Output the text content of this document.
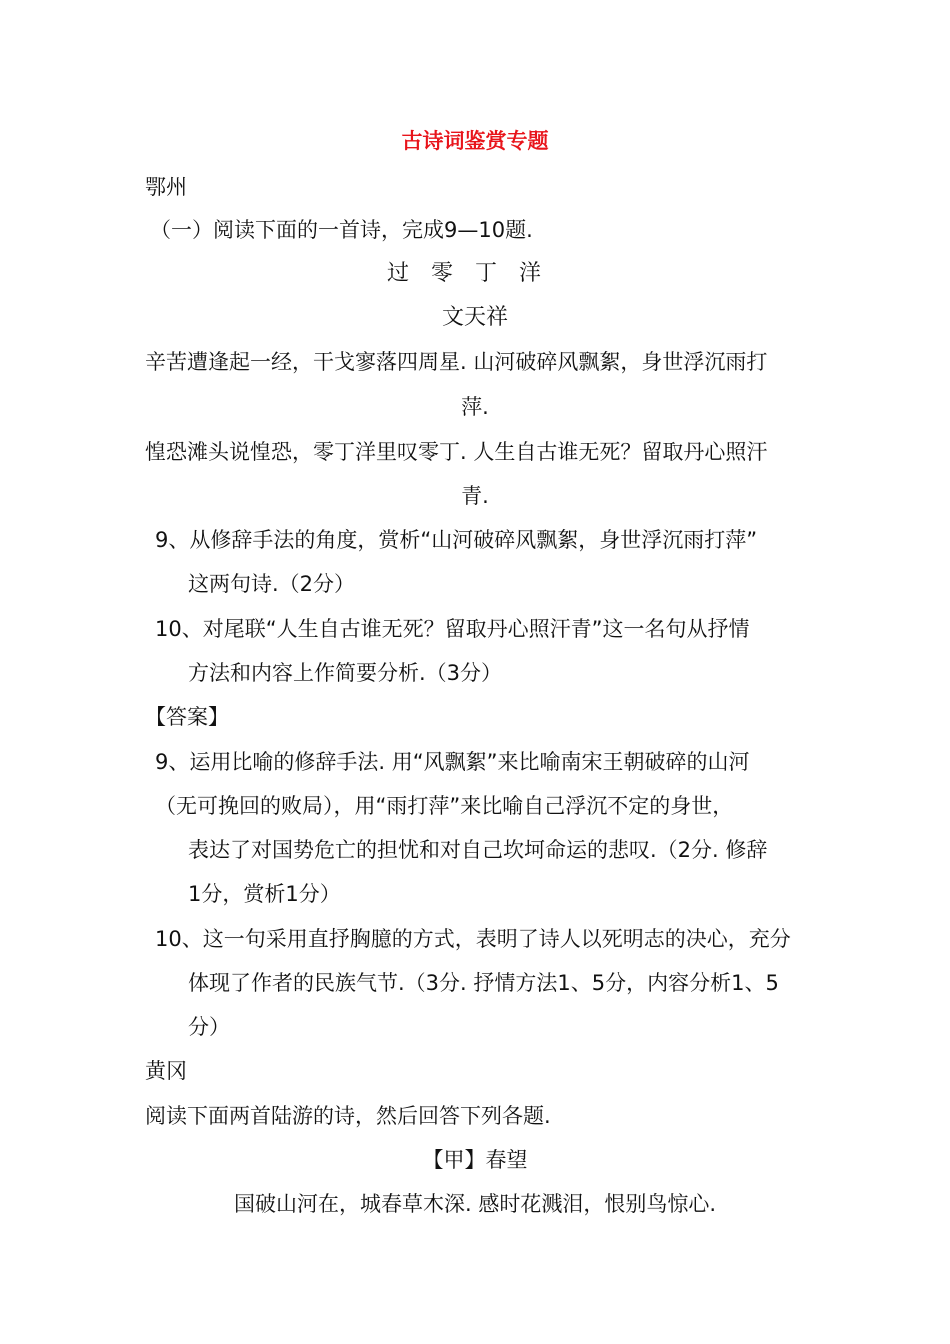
古诗词鉴赏专题
鄂州
（一）阅读下面的一首诗，完成9—10题.
过零丁洋
文天祥
辛苦遭逢起一经，干戈寥落四周星. 山河破碎风飘絮，身世浮沉雨打
萍.
惶恐滩头说惶恐，零丁洋里叹零丁. 人生自古谁无死？留取丹心照汗
青.
9、从修辞手法的角度，赏析“山河破碎风飘絮，身世浮沉雨打萍”
这两句诗.（2分）
10、对尾联“人生自古谁无死？留取丹心照汗青”这一名句从抒情
方法和内容上作简要分析.（3分）
【答案】
9、运用比喻的修辞手法. 用“风飘絮”来比喻南宋王朝破碎的山河
（无可挽回的败局），用“雨打萍”来比喻自己浮沉不定的身世，
表达了对国势危亡的担忧和对自己坎坷命运的悲叹.（2分. 修辞
1分，赏析1分）
10、这一句采用直抒胸臆的方式，表明了诗人以死明志的决心，充分
体现了作者的民族气节.（3分. 抒情方法1、5分，内容分析1、5
分）
黄冈
阅读下面两首陆游的诗，然后回答下列各题.
【甲】春望
国破山河在，城春草木深. 感时花溅泪，恨别鸟惊心.
